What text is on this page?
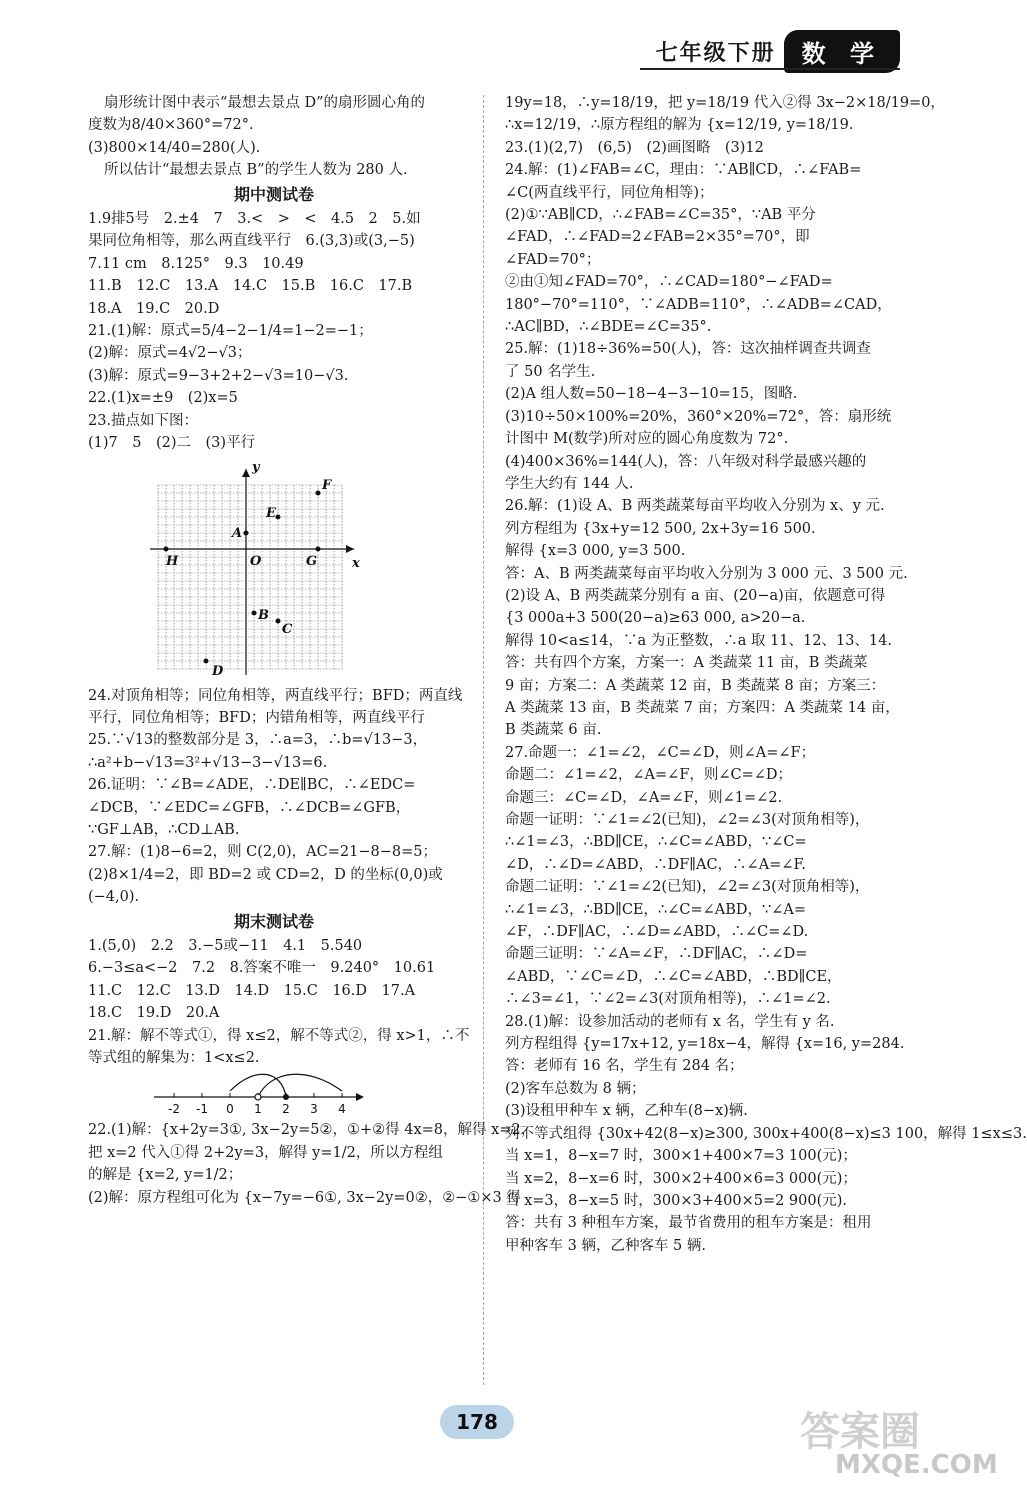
七年级下册	数 学
扇形统计图中表示“最想去景点 D”的扇形圆心角的
度数为8/40×360°=72°.
(3)800×14/40=280(人).
所以估计“最想去景点 B”的学生人数为 280 人.
期中测试卷
1.9排5号　2.±4　7　3.<　>　<　4.5　2　5.如
果同位角相等，那么两直线平行　6.(3,3)或(3,−5)
7.11 cm　8.125°　9.3　10.49
11.B　12.C　13.A　14.C　15.B　16.C　17.B
18.A　19.C　20.D
21.(1)解：原式=5/4−2−1/4=1−2=−1；
(2)解：原式=4√2−√3；
(3)解：原式=9−3+2+2−√3=10−√3.
22.(1)x=±9　(2)x=5
23.描点如下图：
(1)7　5　(2)二　(3)平行
F
E
A
O
H	G
B
C
D
x
y
24.对顶角相等；同位角相等，两直线平行；BFD；两直线
平行，同位角相等；BFD；内错角相等，两直线平行
25.∵√13的整数部分是 3，∴a=3，∴b=√13−3，
∴a²+b−√13=3²+√13−3−√13=6.
26.证明：∵∠B=∠ADE，∴DE∥BC，∴∠EDC=
∠DCB，∵∠EDC=∠GFB，∴∠DCB=∠GFB，
∵GF⊥AB，∴CD⊥AB.
27.解：(1)8−6=2，则 C(2,0)，AC=21−8−8=5；
(2)8×1/4=2，即 BD=2 或 CD=2，D 的坐标(0,0)或
(−4,0).
期末测试卷
1.(5,0)　2.2　3.−5或−11　4.1　5.540
6.−3≤a<−2　7.2　8.答案不唯一　9.240°　10.61
11.C　12.C　13.D　14.D　15.C　16.D　17.A
18.C　19.D　20.A
21.解：解不等式①，得 x≤2，解不等式②，得 x>1，∴不
等式组的解集为：1<x≤2.
-2 -1 0 1 2 3 4
22.(1)解：{x+2y=3①, 3x−2y=5②，①+②得 4x=8，解得 x=2，
把 x=2 代入①得 2+2y=3，解得 y=1/2，所以方程组
的解是 {x=2, y=1/2；
(2)解：原方程组可化为 {x−7y=−6①, 3x−2y=0②，②−①×3 得
19y=18，∴y=18/19，把 y=18/19 代入②得 3x−2×18/19=0，
∴x=12/19，∴原方程组的解为 {x=12/19, y=18/19.
23.(1)(2,7)　(6,5)　(2)画图略　(3)12
24.解：(1)∠FAB=∠C，理由：∵AB∥CD，∴∠FAB=
∠C(两直线平行，同位角相等)；
(2)①∵AB∥CD，∴∠FAB=∠C=35°，∵AB 平分
∠FAD，∴∠FAD=2∠FAB=2×35°=70°，即
∠FAD=70°；
②由①知∠FAD=70°，∴∠CAD=180°−∠FAD=
180°−70°=110°，∵∠ADB=110°，∴∠ADB=∠CAD，
∴AC∥BD，∴∠BDE=∠C=35°.
25.解：(1)18÷36%=50(人)，答：这次抽样调查共调查
了 50 名学生.
(2)A 组人数=50−18−4−3−10=15，图略.
(3)10÷50×100%=20%，360°×20%=72°，答：扇形统
计图中 M(数学)所对应的圆心角度数为 72°.
(4)400×36%=144(人)，答：八年级对科学最感兴趣的
学生大约有 144 人.
26.解：(1)设 A、B 两类蔬菜每亩平均收入分别为 x、y 元.
列方程组为 {3x+y=12 500, 2x+3y=16 500.
解得 {x=3 000, y=3 500.
答：A、B 两类蔬菜每亩平均收入分别为 3 000 元、3 500 元.
(2)设 A、B 两类蔬菜分别有 a 亩、(20−a)亩，依题意可得
{3 000a+3 500(20−a)≥63 000, a>20−a.
解得 10<a≤14，∵a 为正整数，∴a 取 11、12、13、14.
答：共有四个方案，方案一：A 类蔬菜 11 亩，B 类蔬菜
9 亩；方案二：A 类蔬菜 12 亩，B 类蔬菜 8 亩；方案三：
A 类蔬菜 13 亩，B 类蔬菜 7 亩；方案四：A 类蔬菜 14 亩，
B 类蔬菜 6 亩.
27.命题一：∠1=∠2，∠C=∠D，则∠A=∠F；
命题二：∠1=∠2，∠A=∠F，则∠C=∠D；
命题三：∠C=∠D，∠A=∠F，则∠1=∠2.
命题一证明：∵∠1=∠2(已知)，∠2=∠3(对顶角相等)，
∴∠1=∠3，∴BD∥CE，∴∠C=∠ABD，∵∠C=
∠D，∴∠D=∠ABD，∴DF∥AC，∴∠A=∠F.
命题二证明：∵∠1=∠2(已知)，∠2=∠3(对顶角相等)，
∴∠1=∠3，∴BD∥CE，∴∠C=∠ABD，∵∠A=
∠F，∴DF∥AC，∴∠D=∠ABD，∴∠C=∠D.
命题三证明：∵∠A=∠F，∴DF∥AC，∴∠D=
∠ABD，∵∠C=∠D，∴∠C=∠ABD，∴BD∥CE，
∴∠3=∠1，∵∠2=∠3(对顶角相等)，∴∠1=∠2.
28.(1)解：设参加活动的老师有 x 名，学生有 y 名.
列方程组得 {y=17x+12, y=18x−4，解得 {x=16, y=284.
答：老师有 16 名，学生有 284 名；
(2)客车总数为 8 辆；
(3)设租甲种车 x 辆，乙种车(8−x)辆.
列不等式组得 {30x+42(8−x)≥300, 300x+400(8−x)≤3 100，解得 1≤x≤3.
当 x=1，8−x=7 时，300×1+400×7=3 100(元)；
当 x=2，8−x=6 时，300×2+400×6=3 000(元)；
当 x=3，8−x=5 时，300×3+400×5=2 900(元).
答：共有 3 种租车方案，最节省费用的租车方案是：租用
甲种客车 3 辆，乙种客车 5 辆.
178	答案圈
MXQE.COM
